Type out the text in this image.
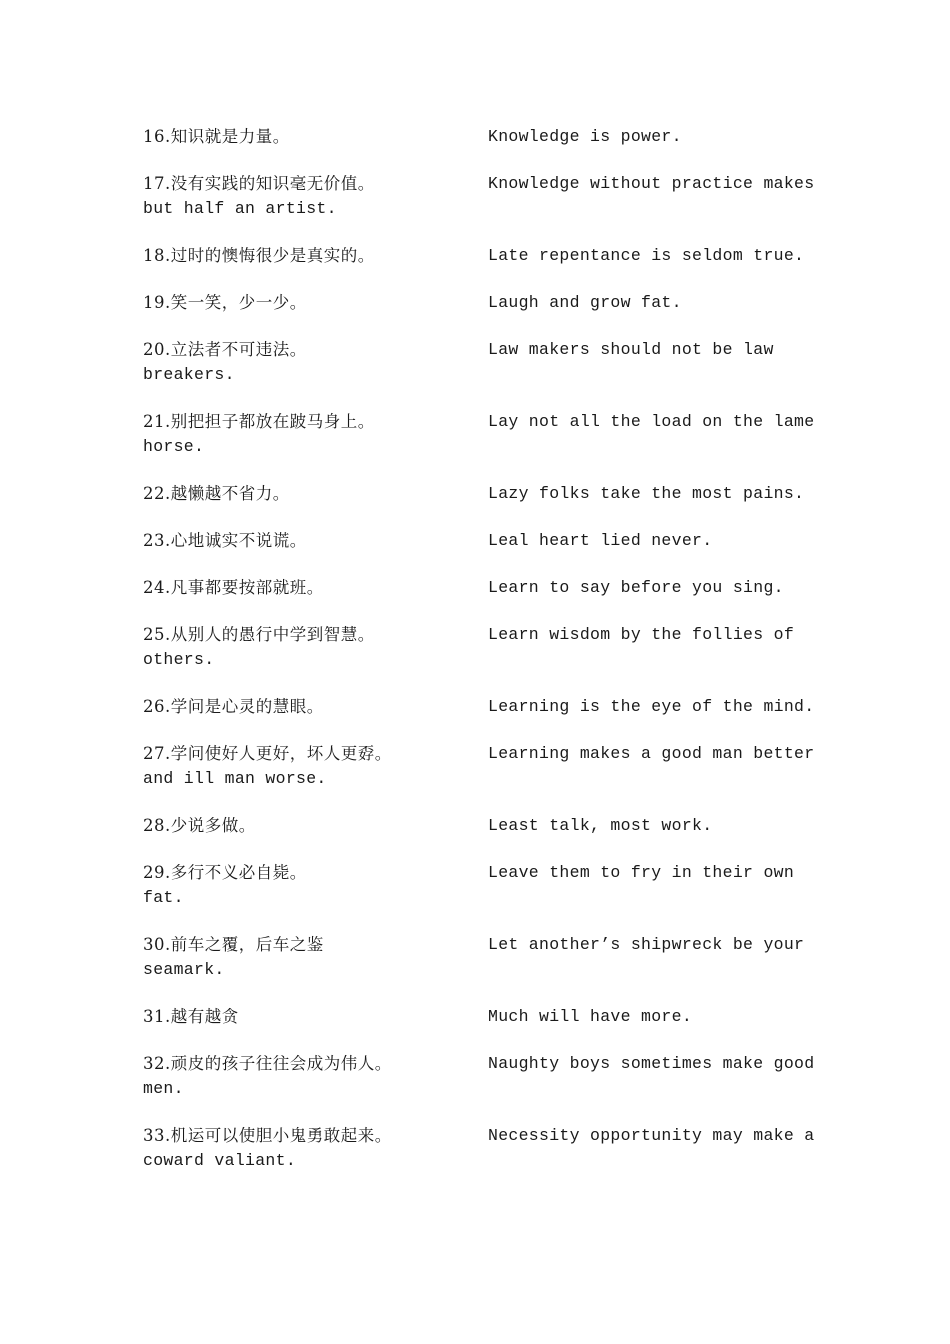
16.知识就是力量。	Knowledge is power.
17.没有实践的知识毫无价值。	Knowledge without practice makes
but half an artist.
18.过时的懊悔很少是真实的。	Late repentance is seldom true.
19.笑一笑，少一少。	Laugh and grow fat.
20.立法者不可违法。	Law makers should not be law
breakers.
21.别把担子都放在跛马身上。	Lay not all the load on the lame
horse.
22.越懒越不省力。	Lazy folks take the most pains.
23.心地诚实不说谎。	Leal heart lied never.
24.凡事都要按部就班。	Learn to say before you sing.
25.从别人的愚行中学到智慧。	Learn wisdom by the follies of
others.
26.学问是心灵的慧眼。	Learning is the eye of the mind.
27.学问使好人更好，坏人更孬。	Learning makes a good man better
and ill man worse.
28.少说多做。	Least talk, most work.
29.多行不义必自毙。	Leave them to fry in their own
fat.
30.前车之覆，后车之鉴	Let another’s shipwreck be your
seamark.
31.越有越贪	Much will have more.
32.顽皮的孩子往往会成为伟人。	Naughty boys sometimes make good
men.
33.机运可以使胆小鬼勇敢起来。	Necessity opportunity may make a
coward valiant.
